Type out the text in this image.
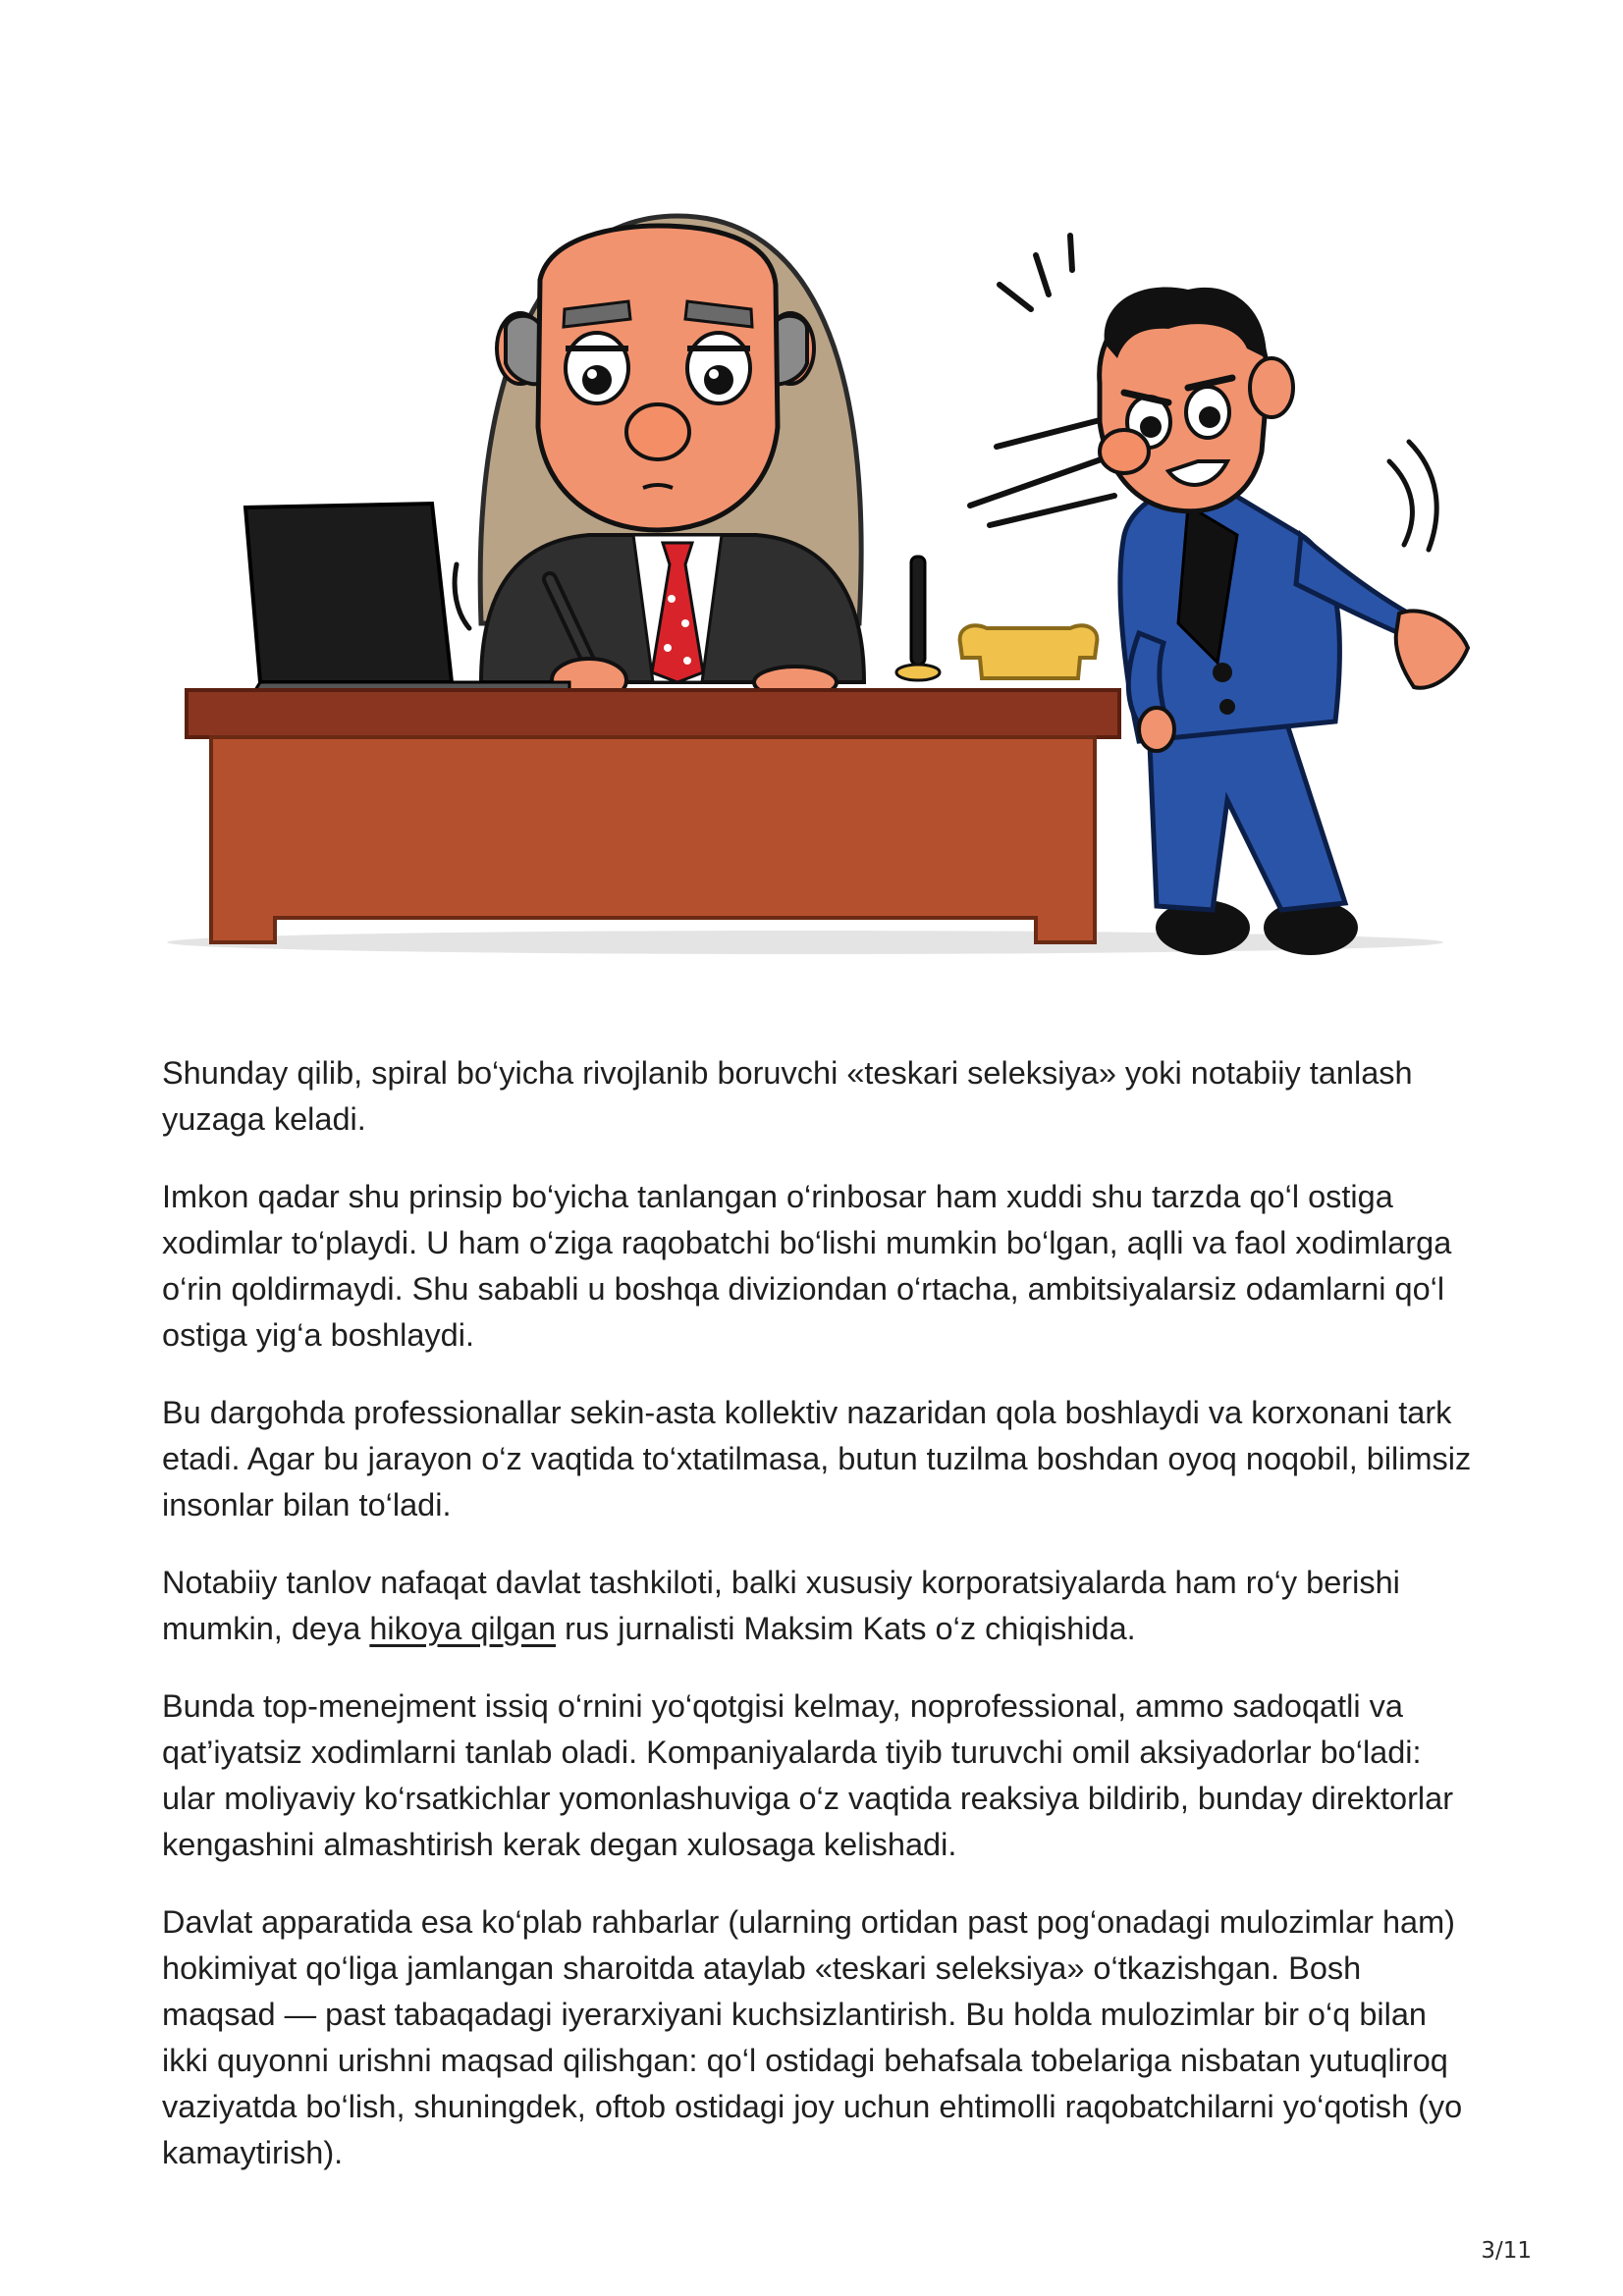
Shunday qilib, spiral bo‘yicha rivojlanib boruvchi «teskari seleksiya» yoki notabiiy tanlash yuzaga keladi.

Imkon qadar shu prinsip bo‘yicha tanlangan o‘rinbosar ham xuddi shu tarzda qo‘l ostiga xodimlar to‘playdi. U ham o‘ziga raqobatchi bo‘lishi mumkin bo‘lgan, aqlli va faol xodimlarga o‘rin qoldirmaydi. Shu sababli u boshqa diviziondan o‘rtacha, ambitsiyalarsiz odamlarni qo‘l ostiga yig‘a boshlaydi.

Bu dargohda professionallar sekin-asta kollektiv nazaridan qola boshlaydi va korxonani tark etadi. Agar bu jarayon o‘z vaqtida to‘xtatilmasa, butun tuzilma boshdan oyoq noqobil, bilimsiz insonlar bilan to‘ladi.

Notabiiy tanlov nafaqat davlat tashkiloti, balki xususiy korporatsiyalarda ham ro‘y berishi mumkin, deya hikoya qilgan rus jurnalisti Maksim Kats o‘z chiqishida.

Bunda top-menejment issiq o‘rnini yo‘qotgisi kelmay, noprofessional, ammo sadoqatli va qat’iyatsiz xodimlarni tanlab oladi. Kompaniyalarda tiyib turuvchi omil aksiyadorlar bo‘ladi: ular moliyaviy ko‘rsatkichlar yomonlashuviga o‘z vaqtida reaksiya bildirib, bunday direktorlar kengashini almashtirish kerak degan xulosaga kelishadi.

Davlat apparatida esa ko‘plab rahbarlar (ularning ortidan past pog‘onadagi mulozimlar ham) hokimiyat qo‘liga jamlangan sharoitda ataylab «teskari seleksiya» o‘tkazishgan. Bosh maqsad — past tabaqadagi iyerarxiyani kuchsizlantirish. Bu holda mulozimlar bir o‘q bilan ikki quyonni urishni maqsad qilishgan: qo‘l ostidagi behafsala tobelariga nisbatan yutuqliroq vaziyatda bo‘lish, shuningdek, oftob ostidagi joy uchun ehtimolli raqobatchilarni yo‘qotish (yo kamaytirish).

3/11
